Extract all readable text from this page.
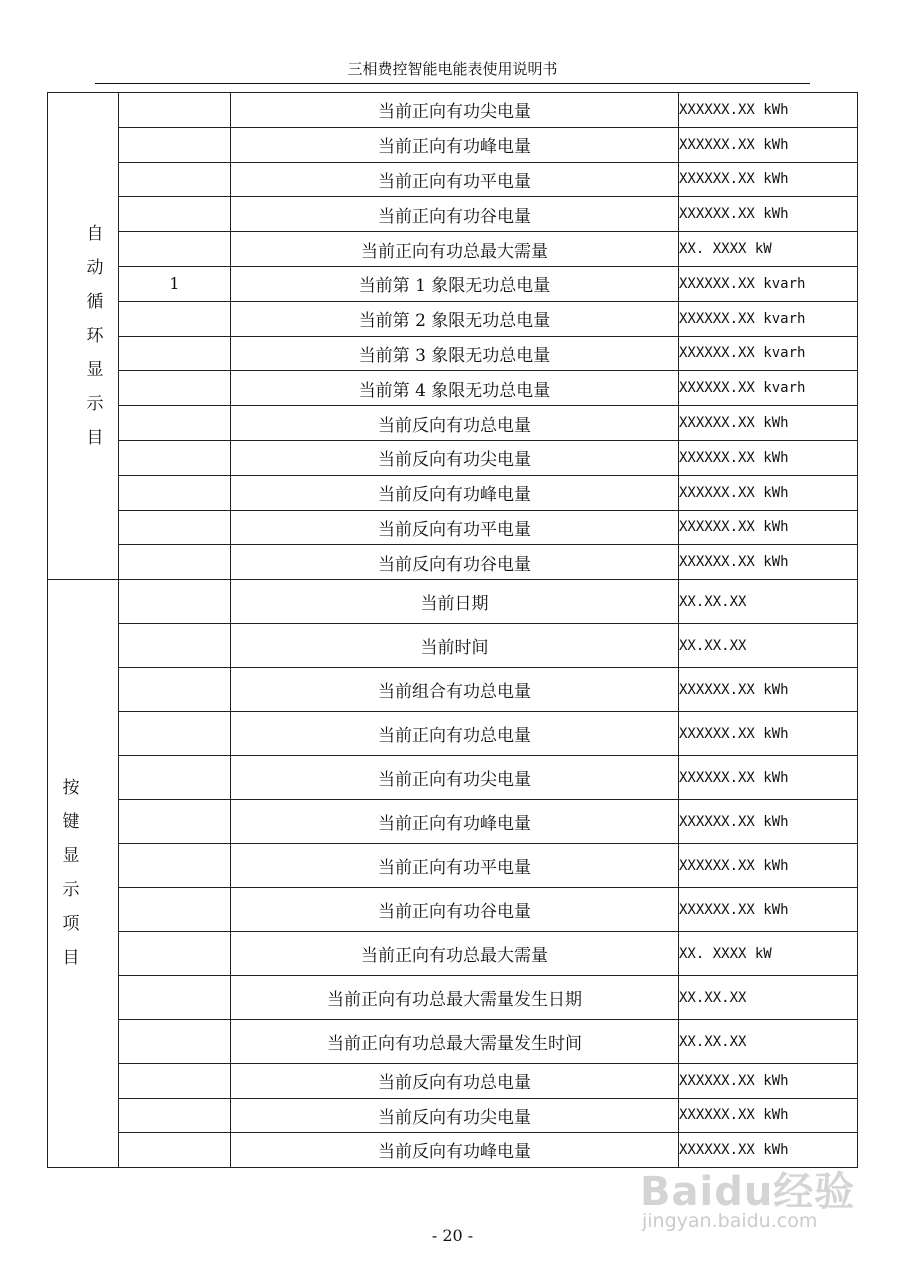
三相费控智能电能表使用说明书
自动循环显示目		当前正向有功尖电量	XXXXXX.XX kWh
		当前正向有功峰电量	XXXXXX.XX kWh
		当前正向有功平电量	XXXXXX.XX kWh
		当前正向有功谷电量	XXXXXX.XX kWh
		当前正向有功总最大需量	XX. XXXX kW
	1	当前第 1 象限无功总电量	XXXXXX.XX kvarh
		当前第 2 象限无功总电量	XXXXXX.XX kvarh
		当前第 3 象限无功总电量	XXXXXX.XX kvarh
		当前第 4 象限无功总电量	XXXXXX.XX kvarh
		当前反向有功总电量	XXXXXX.XX kWh
		当前反向有功尖电量	XXXXXX.XX kWh
		当前反向有功峰电量	XXXXXX.XX kWh
		当前反向有功平电量	XXXXXX.XX kWh
		当前反向有功谷电量	XXXXXX.XX kWh
按键显示项目		当前日期	XX.XX.XX
		当前时间	XX.XX.XX
		当前组合有功总电量	XXXXXX.XX kWh
		当前正向有功总电量	XXXXXX.XX kWh
		当前正向有功尖电量	XXXXXX.XX kWh
		当前正向有功峰电量	XXXXXX.XX kWh
		当前正向有功平电量	XXXXXX.XX kWh
		当前正向有功谷电量	XXXXXX.XX kWh
		当前正向有功总最大需量	XX. XXXX kW
		当前正向有功总最大需量发生日期	XX.XX.XX
		当前正向有功总最大需量发生时间	XX.XX.XX
		当前反向有功总电量	XXXXXX.XX kWh
		当前反向有功尖电量	XXXXXX.XX kWh
		当前反向有功峰电量	XXXXXX.XX kWh
Baidu经验
jingyan.baidu.com
- 20 -
